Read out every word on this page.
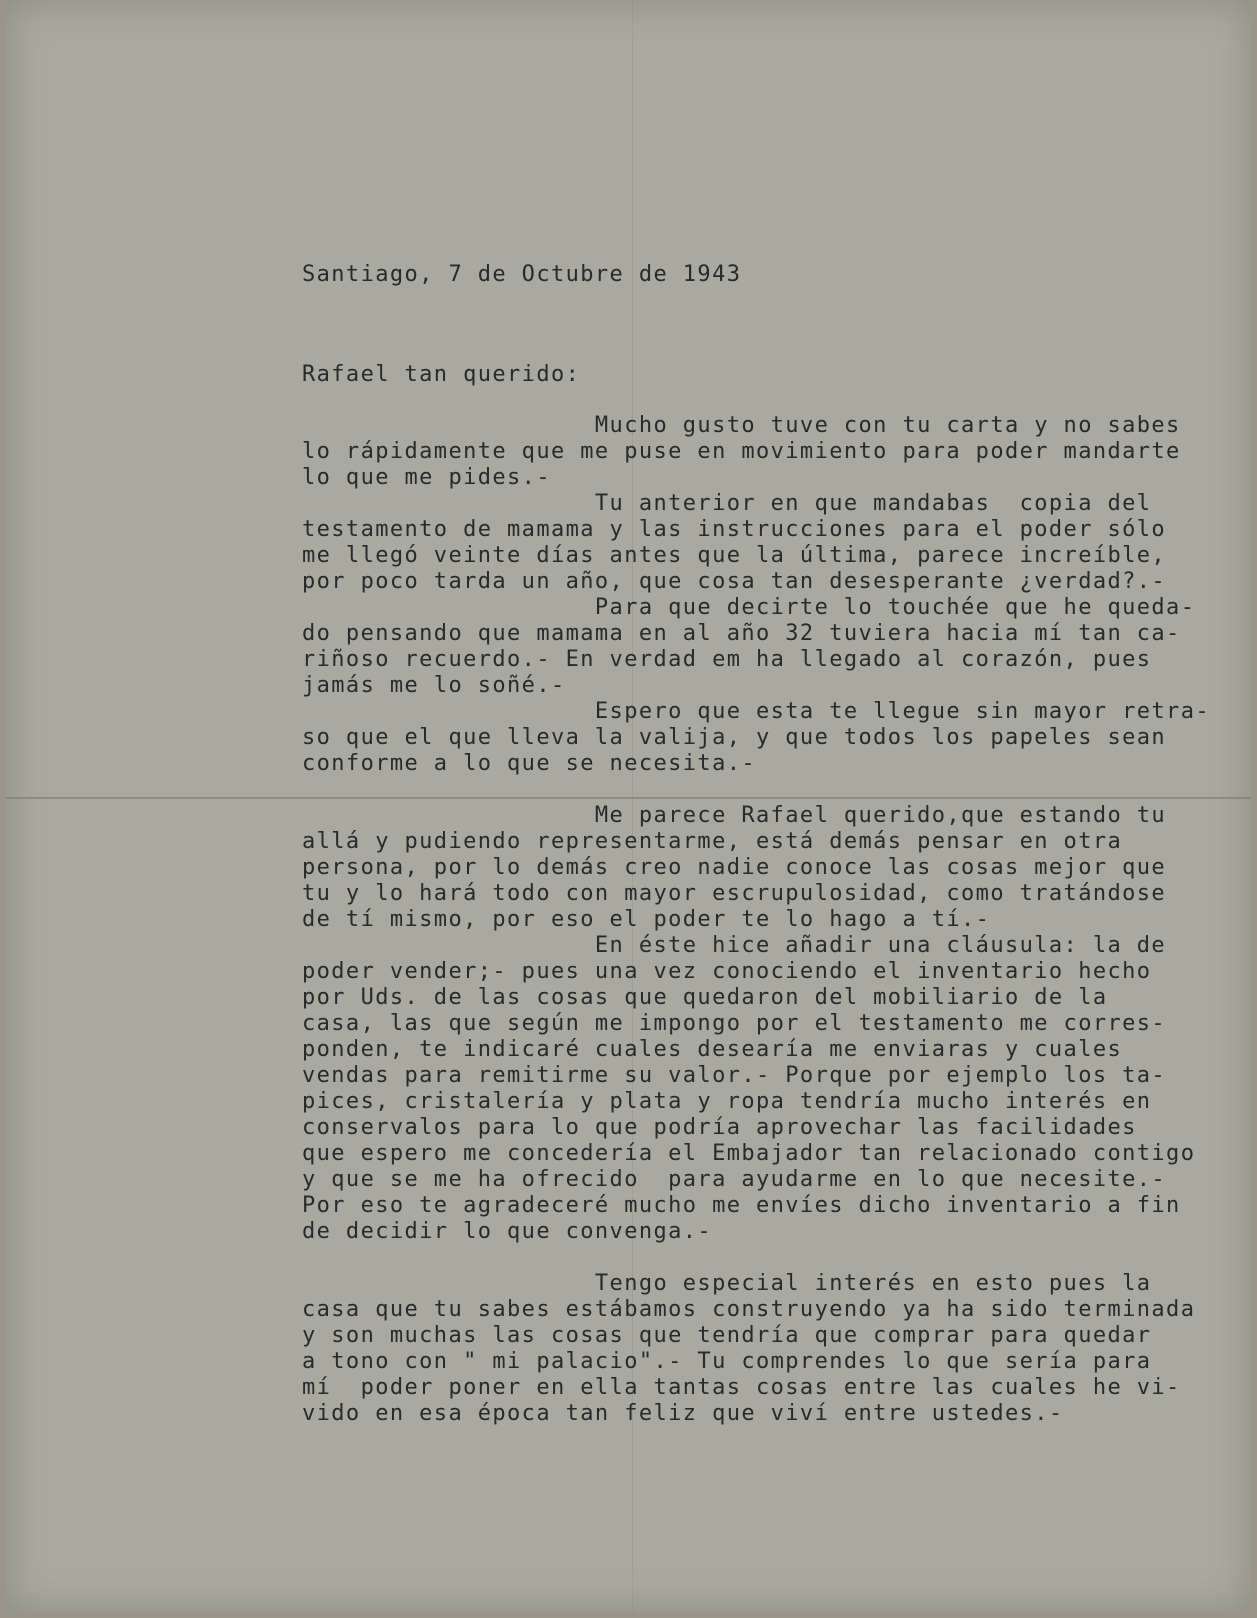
Santiago, 7 de Octubre de 1943
Rafael tan querido:
Mucho gusto tuve con tu carta y no sabes
lo rápidamente que me puse en movimiento para poder mandarte
lo que me pides.-
Tu anterior en que mandabas  copia del
testamento de mamama y las instrucciones para el poder sólo
me llegó veinte días antes que la última, parece increíble,
por poco tarda un año, que cosa tan desesperante ¿verdad?.-
Para que decirte lo touchée que he queda-
do pensando que mamama en al año 32 tuviera hacia mí tan ca-
riñoso recuerdo.- En verdad em ha llegado al corazón, pues
jamás me lo soñé.-
Espero que esta te llegue sin mayor retra-
so que el que lleva la valija, y que todos los papeles sean
conforme a lo que se necesita.-
Me parece Rafael querido,que estando tu
allá y pudiendo representarme, está demás pensar en otra
persona, por lo demás creo nadie conoce las cosas mejor que
tu y lo hará todo con mayor escrupulosidad, como tratándose
de tí mismo, por eso el poder te lo hago a tí.-
En éste hice añadir una cláusula: la de
poder vender;- pues una vez conociendo el inventario hecho
por Uds. de las cosas que quedaron del mobiliario de la
casa, las que según me impongo por el testamento me corres-
ponden, te indicaré cuales desearía me enviaras y cuales
vendas para remitirme su valor.- Porque por ejemplo los ta-
pices, cristalería y plata y ropa tendría mucho interés en
conservalos para lo que podría aprovechar las facilidades
que espero me concedería el Embajador tan relacionado contigo
y que se me ha ofrecido  para ayudarme en lo que necesite.-
Por eso te agradeceré mucho me envíes dicho inventario a fin
de decidir lo que convenga.-
Tengo especial interés en esto pues la
casa que tu sabes estábamos construyendo ya ha sido terminada
y son muchas las cosas que tendría que comprar para quedar
a tono con " mi palacio".- Tu comprendes lo que sería para
mí  poder poner en ella tantas cosas entre las cuales he vi-
vido en esa época tan feliz que viví entre ustedes.-
